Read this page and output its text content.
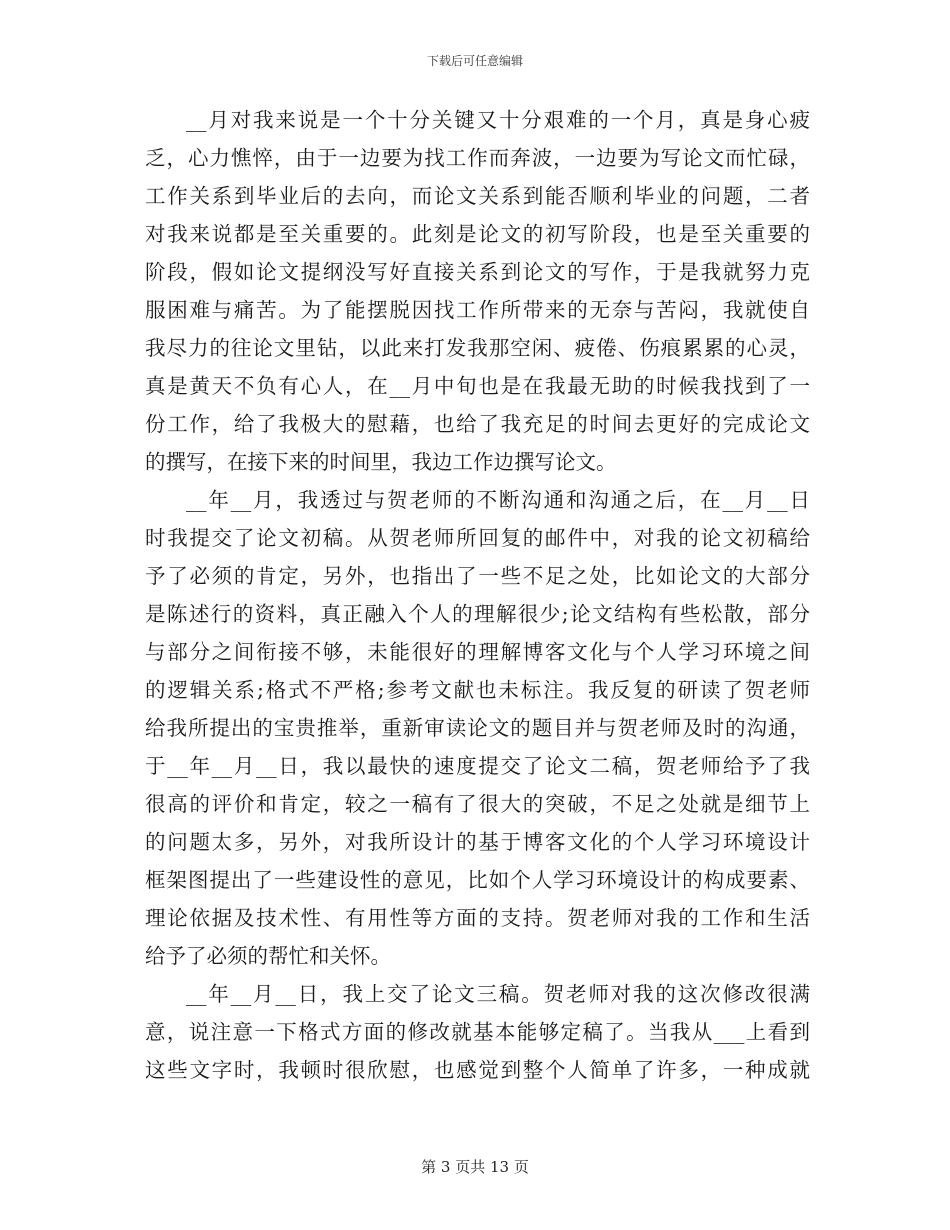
下载后可任意编辑
__月对我来说是一个十分关键又十分艰难的一个月，真是身心疲
乏，心力憔悴，由于一边要为找工作而奔波，一边要为写论文而忙碌，
工作关系到毕业后的去向，而论文关系到能否顺利毕业的问题，二者
对我来说都是至关重要的。此刻是论文的初写阶段，也是至关重要的
阶段，假如论文提纲没写好直接关系到论文的写作，于是我就努力克
服困难与痛苦。为了能摆脱因找工作所带来的无奈与苦闷，我就使自
我尽力的往论文里钻，以此来打发我那空闲、疲倦、伤痕累累的心灵，
真是黄天不负有心人，在__月中旬也是在我最无助的时候我找到了一
份工作，给了我极大的慰藉，也给了我充足的时间去更好的完成论文
的撰写，在接下来的时间里，我边工作边撰写论文。
__年__月，我透过与贺老师的不断沟通和沟通之后，在__月__日
时我提交了论文初稿。从贺老师所回复的邮件中，对我的论文初稿给
予了必须的肯定，另外，也指出了一些不足之处，比如论文的大部分
是陈述行的资料，真正融入个人的理解很少;论文结构有些松散，部分
与部分之间衔接不够，未能很好的理解博客文化与个人学习环境之间
的逻辑关系;格式不严格;参考文献也未标注。我反复的研读了贺老师
给我所提出的宝贵推举，重新审读论文的题目并与贺老师及时的沟通，
于__年__月__日，我以最快的速度提交了论文二稿，贺老师给予了我
很高的评价和肯定，较之一稿有了很大的突破，不足之处就是细节上
的问题太多，另外，对我所设计的基于博客文化的个人学习环境设计
框架图提出了一些建设性的意见，比如个人学习环境设计的构成要素、
理论依据及技术性、有用性等方面的支持。贺老师对我的工作和生活
给予了必须的帮忙和关怀。
__年__月__日，我上交了论文三稿。贺老师对我的这次修改很满
意，说注意一下格式方面的修改就基本能够定稿了。当我从___上看到
这些文字时，我顿时很欣慰，也感觉到整个人简单了许多，一种成就
第 3 页共 13 页
